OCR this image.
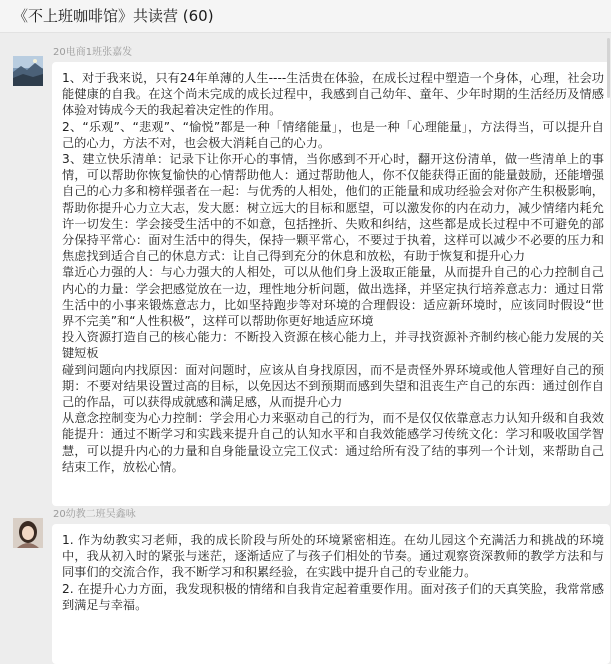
《不上班咖啡馆》共读营 (60)
20电商1班张嘉发

1、对于我来说，只有24年单薄的人生----生活贵在体验，在成长过程中塑造一个身体，心理，社会功能健康的自我。在这个尚未完成的成长过程中，我感到自己幼年、童年、少年时期的生活经历及情感体验对铸成今天的我起着决定性的作用。

2、“乐观”、“悲观”、“愉悦”都是一种「情绪能量」，也是一种「心理能量」，方法得当，可以提升自己的心力，方法不对，也会极大消耗自己的心力。

3、建立快乐清单：记录下让你开心的事情，当你感到不开心时，翻开这份清单，做一些清单上的事情，可以帮助你恢复愉快的心情帮助他人：通过帮助他人，你不仅能获得正面的能量鼓励，还能增强自己的心力多和榜样强者在一起：与优秀的人相处，他们的正能量和成功经验会对你产生积极影响，帮助你提升心力立大志，发大愿：树立远大的目标和愿望，可以激发你的内在动力，减少情绪内耗允许一切发生：学会接受生活中的不如意，包括挫折、失败和纠结，这些都是成长过程中不可避免的部分保持平常心：面对生活中的得失，保持一颗平常心，不要过于执着，这样可以减少不必要的压力和焦虑找到适合自己的休息方式：让自己得到充分的休息和放松，有助于恢复和提升心力

靠近心力强的人：与心力强大的人相处，可以从他们身上汲取正能量，从而提升自己的心力控制自己内心的力量：学会把感觉放在一边，理性地分析问题，做出选择，并坚定执行培养意志力：通过日常生活中的小事来锻炼意志力，比如坚持跑步等对环境的合理假设：适应新环境时，应该同时假设“世界不完美”和“人性积极”，这样可以帮助你更好地适应环境

投入资源打造自己的核心能力：不断投入资源在核心能力上，并寻找资源补齐制约核心能力发展的关键短板

碰到问题向内找原因：面对问题时，应该从自身找原因，而不是责怪外界环境或他人管理好自己的预期：不要对结果设置过高的目标，以免因达不到预期而感到失望和沮丧生产自己的东西：通过创作自己的作品，可以获得成就感和满足感，从而提升心力

从意念控制变为心力控制：学会用心力来驱动自己的行为，而不是仅仅依靠意志力认知升级和自我效能提升：通过不断学习和实践来提升自己的认知水平和自我效能感学习传统文化：学习和吸收国学智慧，可以提升内心的力量和自身能量设立完工仪式：通过给所有没了结的事列一个计划，来帮助自己结束工作，放松心情。

20幼教二班吴鑫咏

1. 作为幼教实习老师，我的成长阶段与所处的环境紧密相连。在幼儿园这个充满活力和挑战的环境中，我从初入时的紧张与迷茫，逐渐适应了与孩子们相处的节奏。通过观察资深教师的教学方法和与同事们的交流合作，我不断学习和积累经验，在实践中提升自己的专业能力。

2. 在提升心力方面，我发现积极的情绪和自我肯定起着重要作用。面对孩子们的天真笑脸，我常常感到满足与幸福。
